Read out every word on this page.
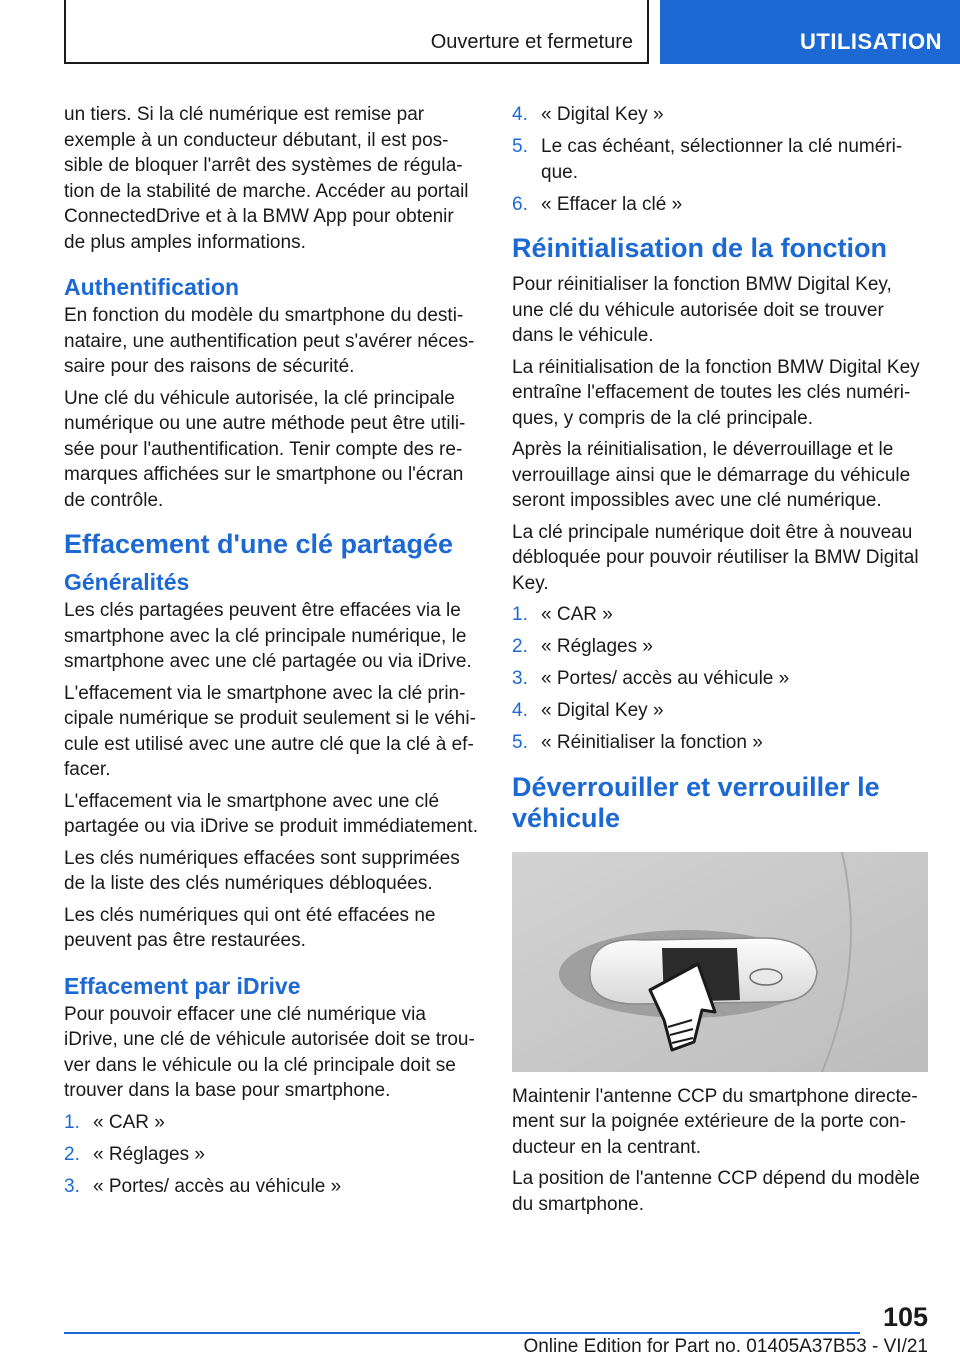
Ouverture et fermeture	UTILISATION

un tiers. Si la clé numérique est remise par exemple à un conducteur débutant, il est possible de bloquer l'arrêt des systèmes de régulation de la stabilité de marche. Accéder au portail ConnectedDrive et à la BMW App pour obtenir de plus amples informations.

Authentification

En fonction du modèle du smartphone du destinataire, une authentification peut s'avérer nécessaire pour des raisons de sécurité.

Une clé du véhicule autorisée, la clé principale numérique ou une autre méthode peut être utilisée pour l'authentification. Tenir compte des remarques affichées sur le smartphone ou l'écran de contrôle.

Effacement d'une clé partagée
Généralités

Les clés partagées peuvent être effacées via le smartphone avec la clé principale numérique, le smartphone avec une clé partagée ou via iDrive.

L'effacement via le smartphone avec la clé principale numérique se produit seulement si le véhicule est utilisé avec une autre clé que la clé à effacer.

L'effacement via le smartphone avec une clé partagée ou via iDrive se produit immédiatement.

Les clés numériques effacées sont supprimées de la liste des clés numériques débloquées.

Les clés numériques qui ont été effacées ne peuvent pas être restaurées.

Effacement par iDrive

Pour pouvoir effacer une clé numérique via iDrive, une clé de véhicule autorisée doit se trouver dans le véhicule ou la clé principale doit se trouver dans la base pour smartphone.

1. « CAR »
2. « Réglages »
3. « Portes/ accès au véhicule »
4. « Digital Key »
5. Le cas échéant, sélectionner la clé numérique.
6. « Effacer la clé »
Réinitialisation de la fonction

Pour réinitialiser la fonction BMW Digital Key, une clé du véhicule autorisée doit se trouver dans le véhicule.

La réinitialisation de la fonction BMW Digital Key entraîne l'effacement de toutes les clés numériques, y compris de la clé principale.

Après la réinitialisation, le déverrouillage et le verrouillage ainsi que le démarrage du véhicule seront impossibles avec une clé numérique.

La clé principale numérique doit être à nouveau débloquée pour pouvoir réutiliser la BMW Digital Key.

1. « CAR »
2. « Réglages »
3. « Portes/ accès au véhicule »
4. « Digital Key »
5. « Réinitialiser la fonction »
Déverrouiller et verrouiller le véhicule

Maintenir l'antenne CCP du smartphone directement sur la poignée extérieure de la porte conducteur en la centrant.

La position de l'antenne CCP dépend du modèle du smartphone.

105
Online Edition for Part no. 01405A37B53 - VI/21
